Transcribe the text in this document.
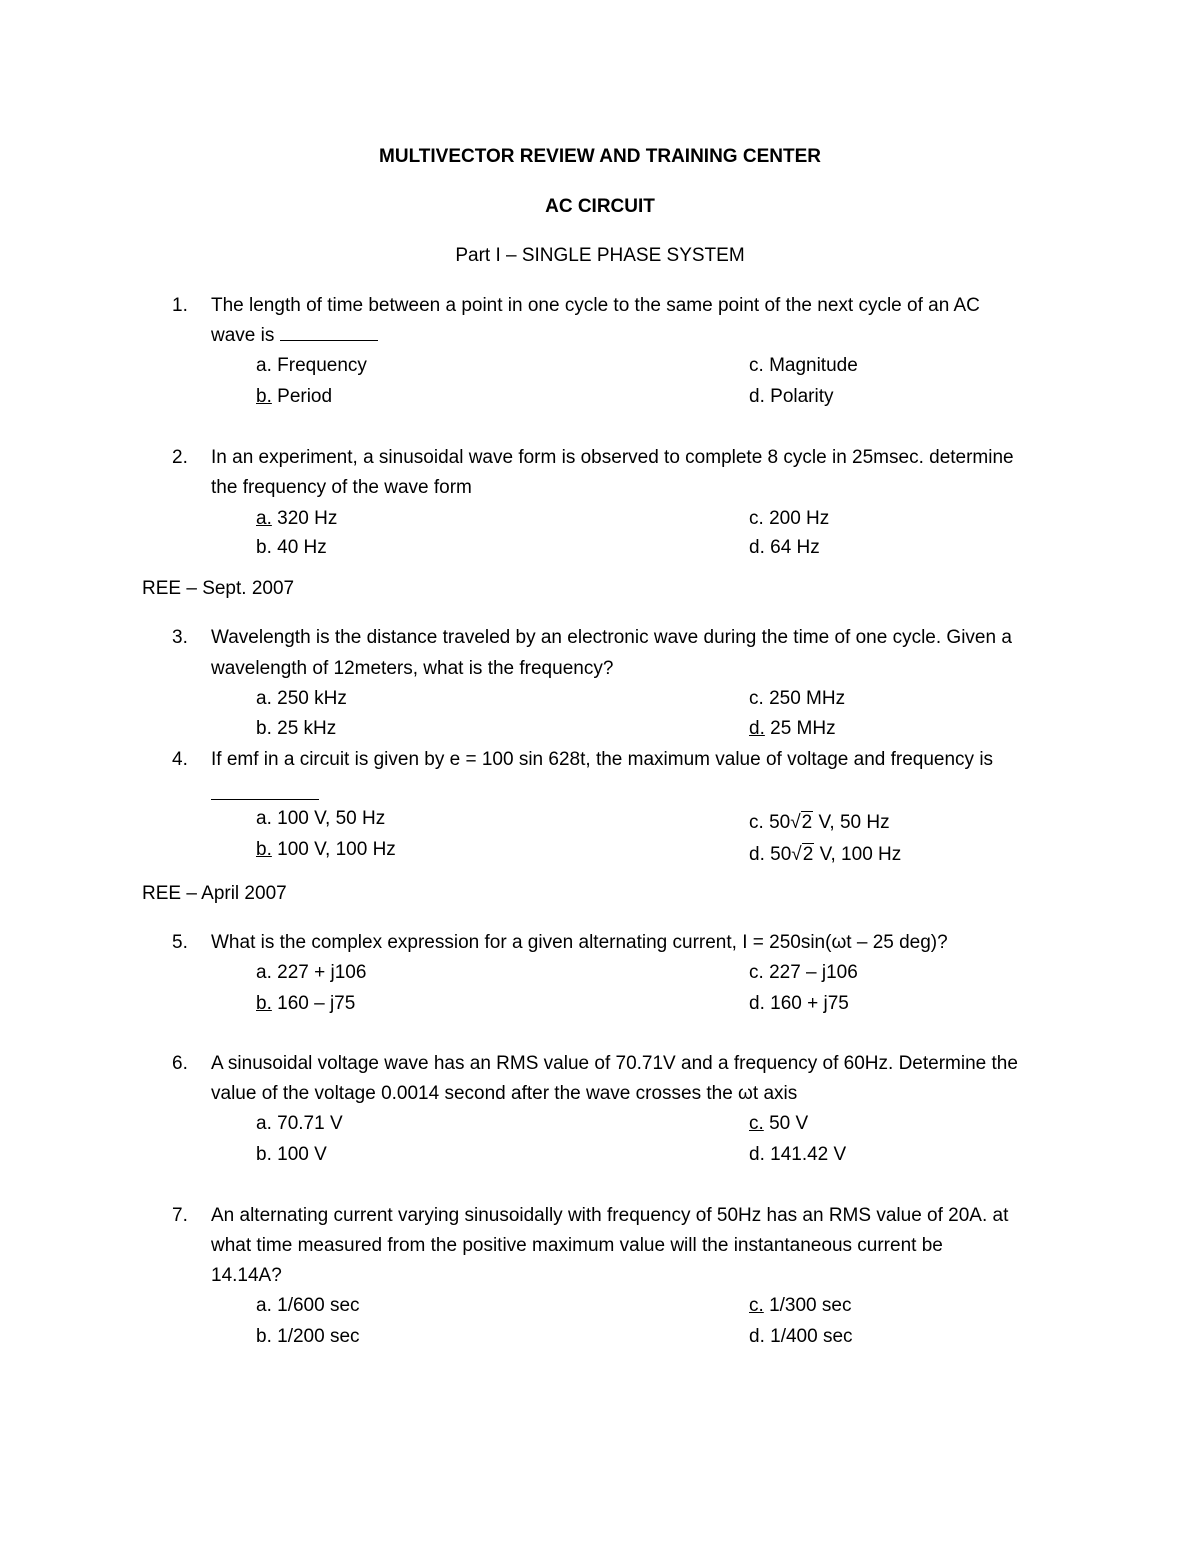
MULTIVECTOR REVIEW AND TRAINING CENTER
AC CIRCUIT
Part I – SINGLE PHASE SYSTEM
1. The length of time between a point in one cycle to the same point of the next cycle of an AC
wave is
a. Frequency
b. Period
c. Magnitude
d. Polarity
2. In an experiment, a sinusoidal wave form is observed to complete 8 cycle in 25msec. determine
the frequency of the wave form
a. 320 Hz
b. 40 Hz
c. 200 Hz
d. 64 Hz
REE – Sept. 2007
3. Wavelength is the distance traveled by an electronic wave during the time of one cycle. Given a
wavelength of 12meters, what is the frequency?
a. 250 kHz
b. 25 kHz
c. 250 MHz
d. 25 MHz
4. If emf in a circuit is given by e = 100 sin 628t, the maximum value of voltage and frequency is
a. 100 V, 50 Hz
b. 100 V, 100 Hz
c. 50√2 V, 50 Hz
d. 50√2 V, 100 Hz
REE – April 2007
5. What is the complex expression for a given alternating current, I = 250sin(ωt – 25 deg)?
a. 227 + j106
b. 160 – j75
c. 227 – j106
d. 160 + j75
6. A sinusoidal voltage wave has an RMS value of 70.71V and a frequency of 60Hz. Determine the
value of the voltage 0.0014 second after the wave crosses the ωt axis
a. 70.71 V
b. 100 V
c. 50 V
d. 141.42 V
7. An alternating current varying sinusoidally with frequency of 50Hz has an RMS value of 20A. at
what time measured from the positive maximum value will the instantaneous current be
14.14A?
a. 1/600 sec
b. 1/200 sec
c. 1/300 sec
d. 1/400 sec
